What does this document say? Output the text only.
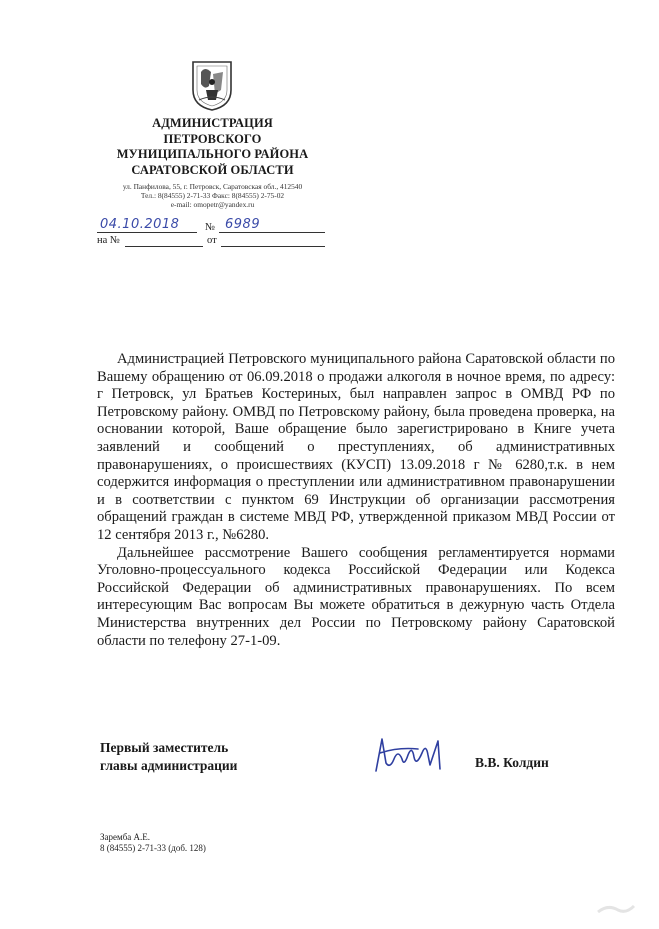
АДМИНИСТРАЦИЯ
ПЕТРОВСКОГО
МУНИЦИПАЛЬНОГО РАЙОНА
САРАТОВСКОЙ ОБЛАСТИ
ул. Панфилова, 55, г. Петровск, Саратовская обл., 412540
Тел.: 8(84555) 2-71-33 Факс: 8(84555) 2-75-02
e-mail: omopetr@yandex.ru
04.10.2018 № 6989
на №	от

Администрацией Петровского муниципального района Саратовской области по Вашему обращению от 06.09.2018 о продажи алкоголя в ночное время, по адресу: г Петровск, ул Братьев Костериных, был направлен запрос в ОМВД РФ по Петровскому району. ОМВД по Петровскому району, была проведена проверка, на основании которой, Ваше обращение было зарегистрировано в Книге учета заявлений и сообщений о преступлениях, об административных правонарушениях, о происшествиях (КУСП) 13.09.2018 г № 6280,т.к. в нем содержится информация о преступлении или административном правонарушении и в соответствии с пунктом 69 Инструкции об организации рассмотрения обращений граждан в системе МВД РФ, утвержденной приказом МВД России от 12 сентября 2013 г., №6280.

Дальнейшее рассмотрение Вашего сообщения регламентируется нормами Уголовно-процессуального кодекса Российской Федерации или Кодекса Российской Федерации об административных правонарушениях. По всем интересующим Вас вопросам Вы можете обратиться в дежурную часть Отдела Министерства внутренних дел России по Петровскому району Саратовской области по телефону 27-1-09.

Первый заместитель
главы администрации	В.В. Колдин
Заремба А.Е.
8 (84555) 2-71-33 (доб. 128)
